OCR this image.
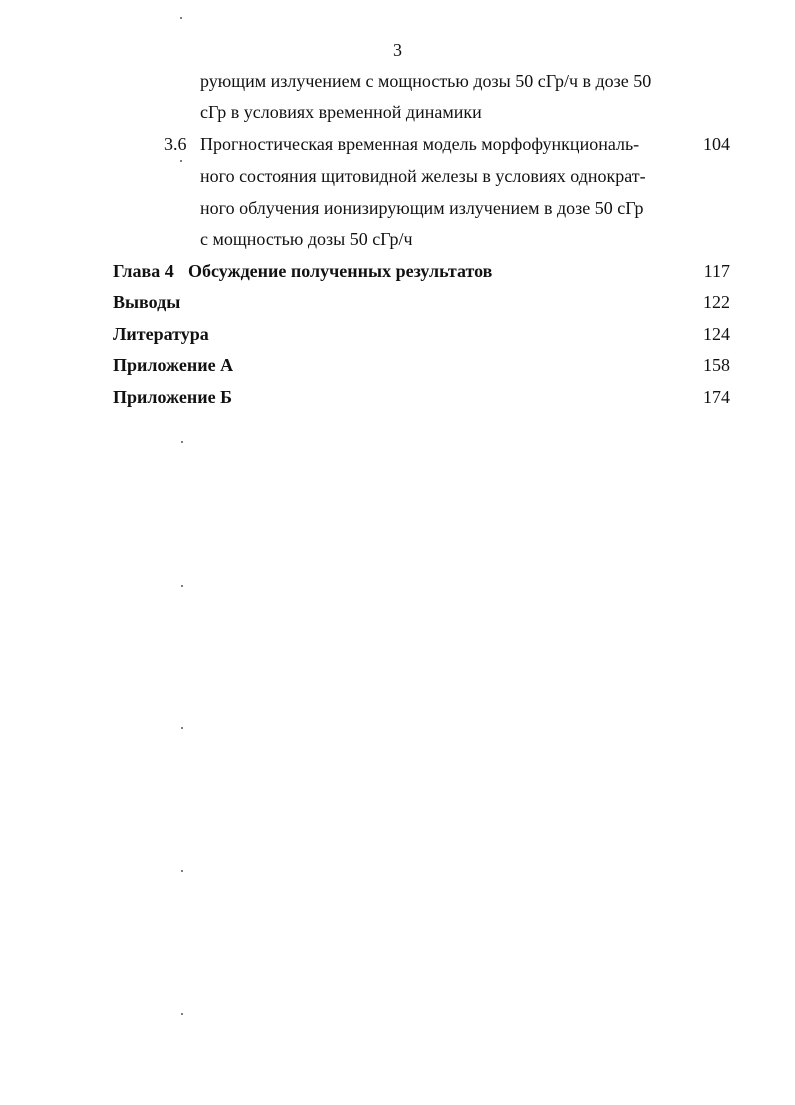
3
рующим излучением с мощностью дозы 50 сГр/ч в дозе 50
сГр в условиях временной динамики
3.6 Прогностическая временная модель морфофункциональ-	104
ного состояния щитовидной железы в условиях однократ-
ного облучения ионизирующим излучением в дозе 50 сГр
с мощностью дозы 50 сГр/ч
Глава 4 Обсуждение полученных результатов	117
Выводы	122
Литература	124
Приложение А	158
Приложение Б	174
